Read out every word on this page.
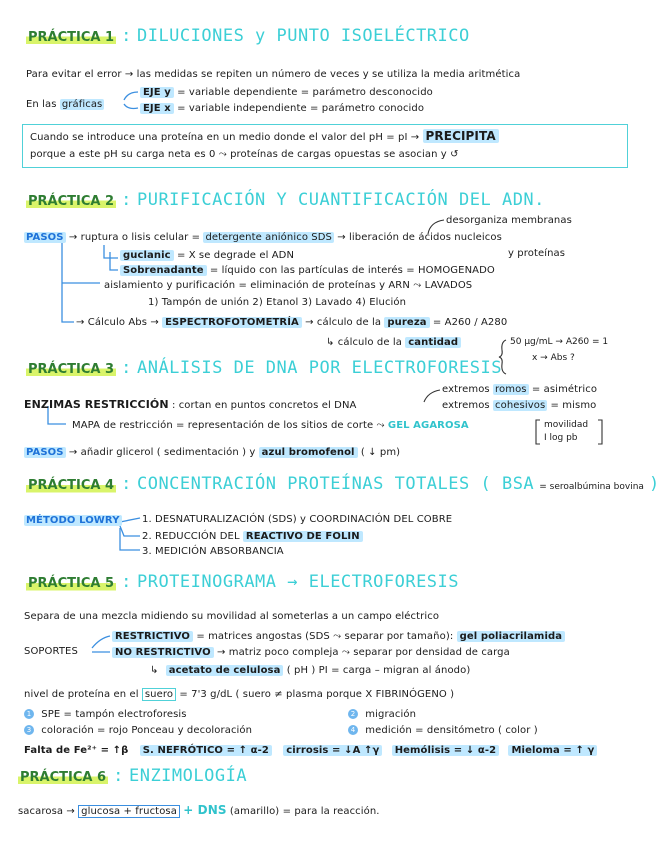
PRÁCTICA 1 : DILUCIONES y PUNTO ISOELÉCTRICO
Para evitar el error → las medidas se repiten un número de veces y se utiliza la media aritmética
En las gráficas
EJE y = variable dependiente = parámetro desconocido
EJE x = variable independiente = parámetro conocido
Cuando se introduce una proteína en un medio donde el valor del pH = pI → PRECIPITA
porque a este pH su carga neta es 0 ⤳ proteínas de cargas opuestas se asocian y ↺
PRÁCTICA 2 : PURIFICACIÓN Y CUANTIFICACIÓN DEL ADN.
desorganiza membranas
PASOS → ruptura o lisis celular = detergente aniónico SDS → liberación de ácidos nucleicos
y proteínas
guclanic = X se degrade el ADN
Sobrenadante = líquido con las partículas de interés = HOMOGENADO
aislamiento y purificación = eliminación de proteínas y ARN ⤳ LAVADOS
1) Tampón de unión 2) Etanol 3) Lavado 4) Elución
→ Cálculo Abs → ESPECTROFOTOMETRÍA → cálculo de la pureza = A260 / A280
↳ cálculo de la cantidad	50 µg/mL → A260 = 1
x → Abs ?
PRÁCTICA 3 : ANÁLISIS DE DNA POR ELECTROFORESIS
extremos romos = asimétrico
ENZIMAS RESTRICCIÓN : cortan en puntos concretos el DNA	extremos cohesivos = mismo
MAPA de restricción = representación de los sitios de corte ⤳ GEL AGAROSA	movilidad
I log pb
PASOS → añadir glicerol ( sedimentación ) y azul bromofenol ( ↓ pm)
PRÁCTICA 4 : CONCENTRACIÓN PROTEÍNAS TOTALES ( BSA = seroalbúmina bovina )
MÉTODO LOWRY 1. DESNATURALIZACIÓN (SDS) y COORDINACIÓN DEL COBRE
2. REDUCCIÓN DEL REACTIVO DE FOLIN
3. MEDICIÓN ABSORBANCIA
PRÁCTICA 5 : PROTEINOGRAMA → ELECTROFORESIS
Separa de una mezcla midiendo su movilidad al someterlas a un campo eléctrico
RESTRICTIVO = matrices angostas (SDS ⤳ separar por tamaño): gel poliacrilamida
SOPORTES	NO RESTRICTIVO → matriz poco compleja ⤳ separar por densidad de carga
↳ acetato de celulosa ( pH ) PI = carga – migran al ánodo)
nivel de proteína en el suero = 7'3 g/dL ( suero ≠ plasma porque X FIBRINÓGENO )
1 SPE = tampón electroforesis	2 migración
3 coloración = rojo Ponceau y decoloración	4 medición = densitómetro ( color )
Falta de Fe²⁺ = ↑β S. NEFRÓTICO = ↑ α-2 cirrosis = ↓A ↑γ Hemólisis = ↓ α-2 Mieloma = ↑ γ
PRÁCTICA 6 : ENZIMOLOGÍA
sacarosa → glucosa + fructosa + DNS (amarillo) = para la reacción.
